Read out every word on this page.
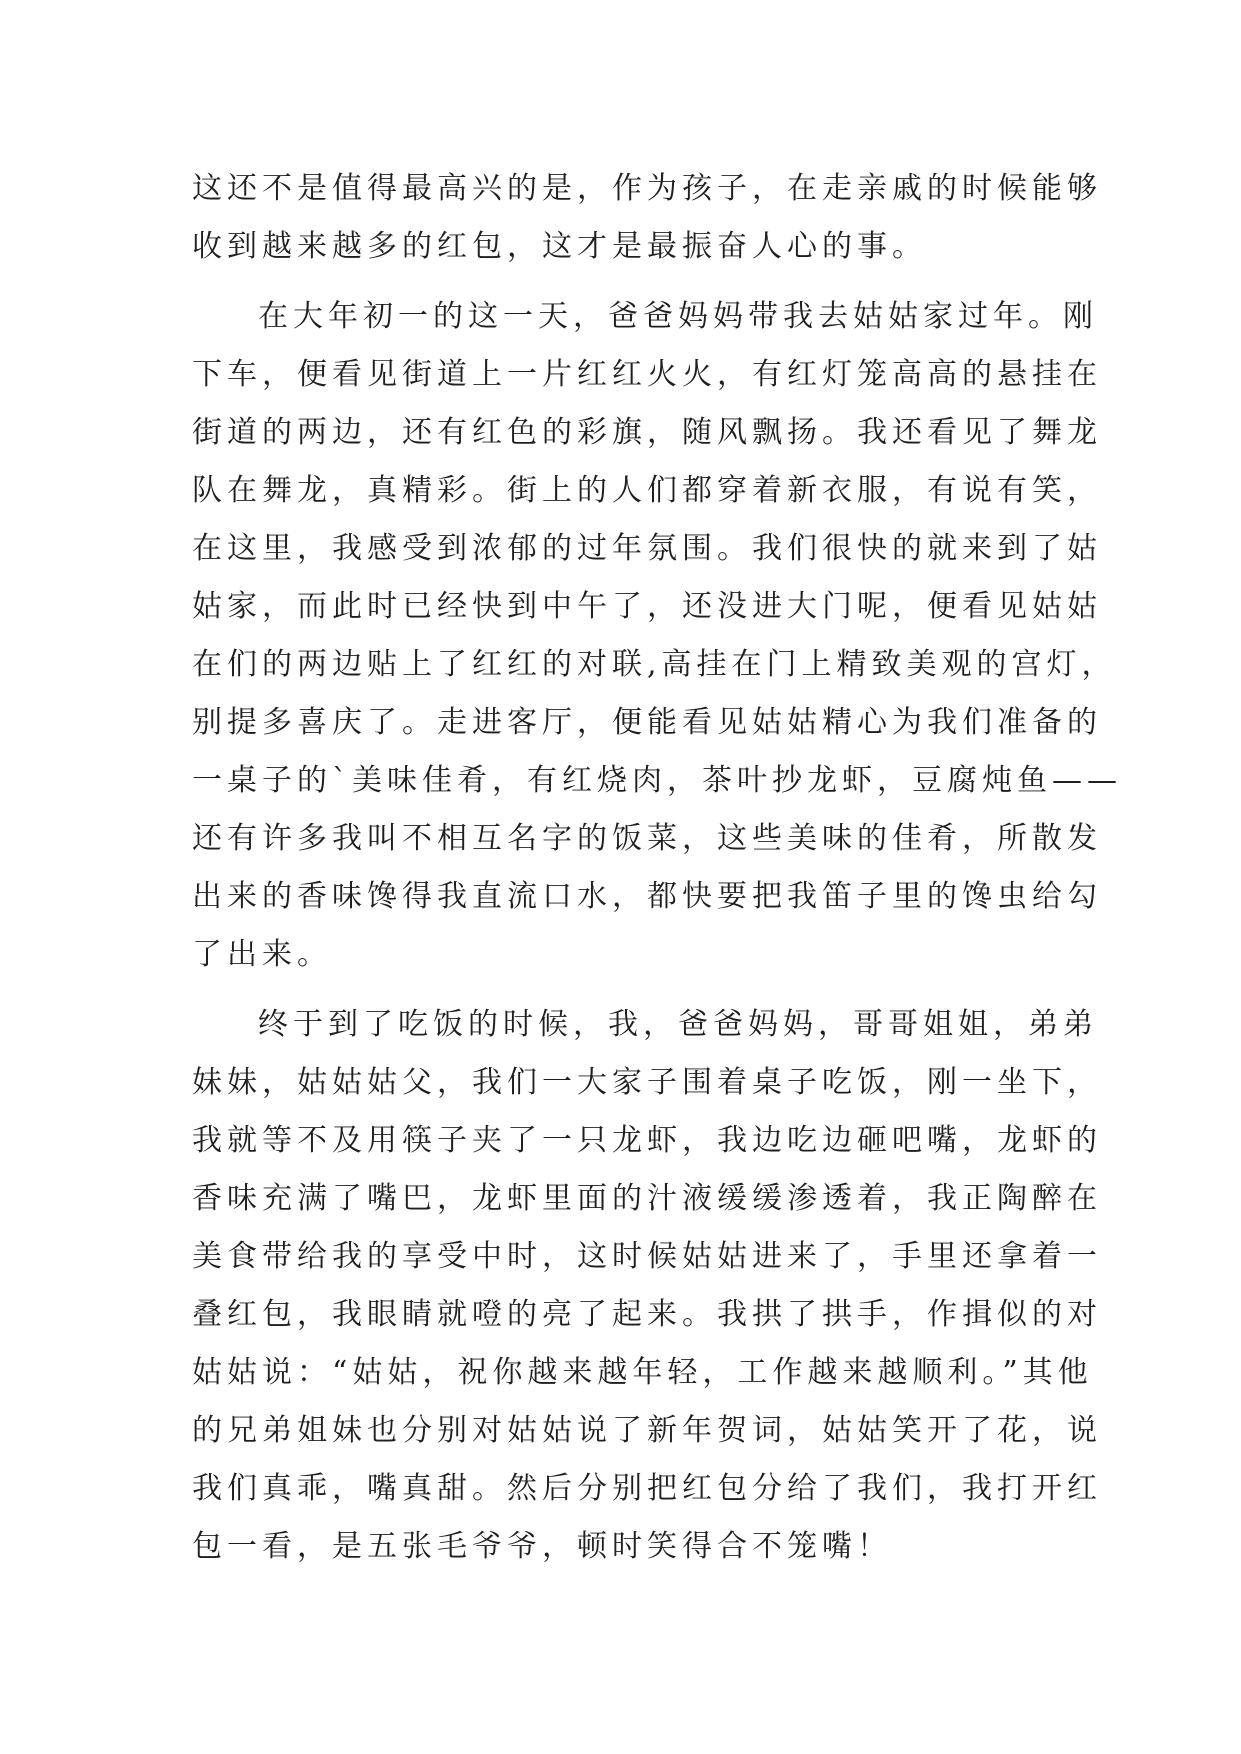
这还不是值得最高兴的是，作为孩子，在走亲戚的时候能够
收到越来越多的红包，这才是最振奋人心的事。
在大年初一的这一天，爸爸妈妈带我去姑姑家过年。刚
下车，便看见街道上一片红红火火，有红灯笼高高的悬挂在
街道的两边，还有红色的彩旗，随风飘扬。我还看见了舞龙
队在舞龙，真精彩。街上的人们都穿着新衣服，有说有笑，
在这里，我感受到浓郁的过年氛围。我们很快的就来到了姑
姑家，而此时已经快到中午了，还没进大门呢，便看见姑姑
在们的两边贴上了红红的对联,高挂在门上精致美观的宫灯，
别提多喜庆了。走进客厅，便能看见姑姑精心为我们准备的
一桌子的`美味佳肴，有红烧肉，茶叶抄龙虾，豆腐炖鱼——
还有许多我叫不相互名字的饭菜，这些美味的佳肴，所散发
出来的香味馋得我直流口水，都快要把我笛子里的馋虫给勾
了出来。
终于到了吃饭的时候，我，爸爸妈妈，哥哥姐姐，弟弟
妹妹，姑姑姑父，我们一大家子围着桌子吃饭，刚一坐下，
我就等不及用筷子夹了一只龙虾，我边吃边砸吧嘴，龙虾的
香味充满了嘴巴，龙虾里面的汁液缓缓渗透着，我正陶醉在
美食带给我的享受中时，这时候姑姑进来了，手里还拿着一
叠红包，我眼睛就噔的亮了起来。我拱了拱手，作揖似的对
姑姑说：“姑姑，祝你越来越年轻，工作越来越顺利。”其他
的兄弟姐妹也分别对姑姑说了新年贺词，姑姑笑开了花，说
我们真乖，嘴真甜。然后分别把红包分给了我们，我打开红
包一看，是五张毛爷爷，顿时笑得合不笼嘴！
